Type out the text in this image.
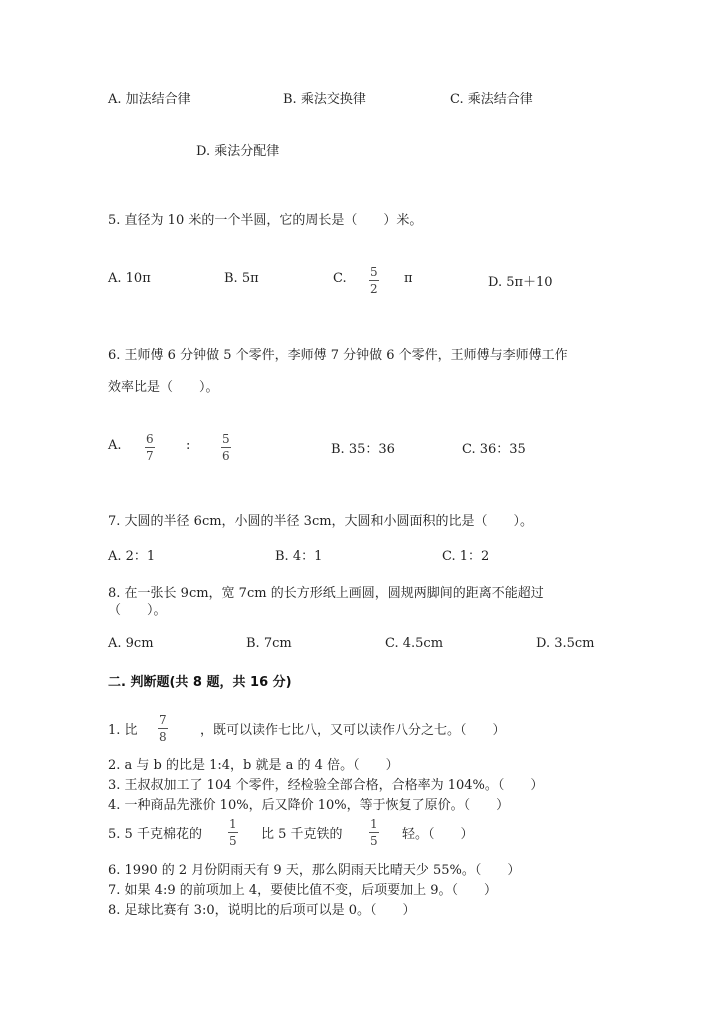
A. 加法结合律	B. 乘法交换律	C. 乘法结合律
D. 乘法分配律
5. 直径为 10 米的一个半圆，它的周长是（　　）米。
A. 10π	B. 5π	C. $\frac{5}{2}$ π	D. 5π＋10
6. 王师傅 6 分钟做 5 个零件，李师傅 7 分钟做 6 个零件，王师傅与李师傅工作
效率比是（　　）。
A. $\frac{6}{7}$ :	$\frac{5}{6}$	B. 35：36	C. 36：35
7. 大圆的半径 6cm，小圆的半径 3cm，大圆和小圆面积的比是（　　）。
A. 2：1	B. 4：1	C. 1：2
8. 在一张长 9cm，宽 7cm 的长方形纸上画圆，圆规两脚间的距离不能超过
（　　）。
A. 9cm	B. 7cm	C. 4.5cm	D. 3.5cm
二. 判断题(共 8 题，共 16 分)
1. 比 $\frac{7}{8}$ ，既可以读作七比八，又可以读作八分之七。（　　）
2. a 与 b 的比是 1:4，b 就是 a 的 4 倍。（　　）
3. 王叔叔加工了 104 个零件，经检验全部合格，合格率为 104%。（　　）
4. 一种商品先涨价 10%，后又降价 10%，等于恢复了原价。（　　）
5. 5 千克棉花的 $\frac{1}{5}$ 比 5 千克铁的 $\frac{1}{5}$ 轻。（　　）
6. 1990 的 2 月份阴雨天有 9 天，那么阴雨天比晴天少 55%。（　　）
7. 如果 4:9 的前项加上 4，要使比值不变，后项要加上 9。（　　）
8. 足球比赛有 3:0，说明比的后项可以是 0。（　　）
